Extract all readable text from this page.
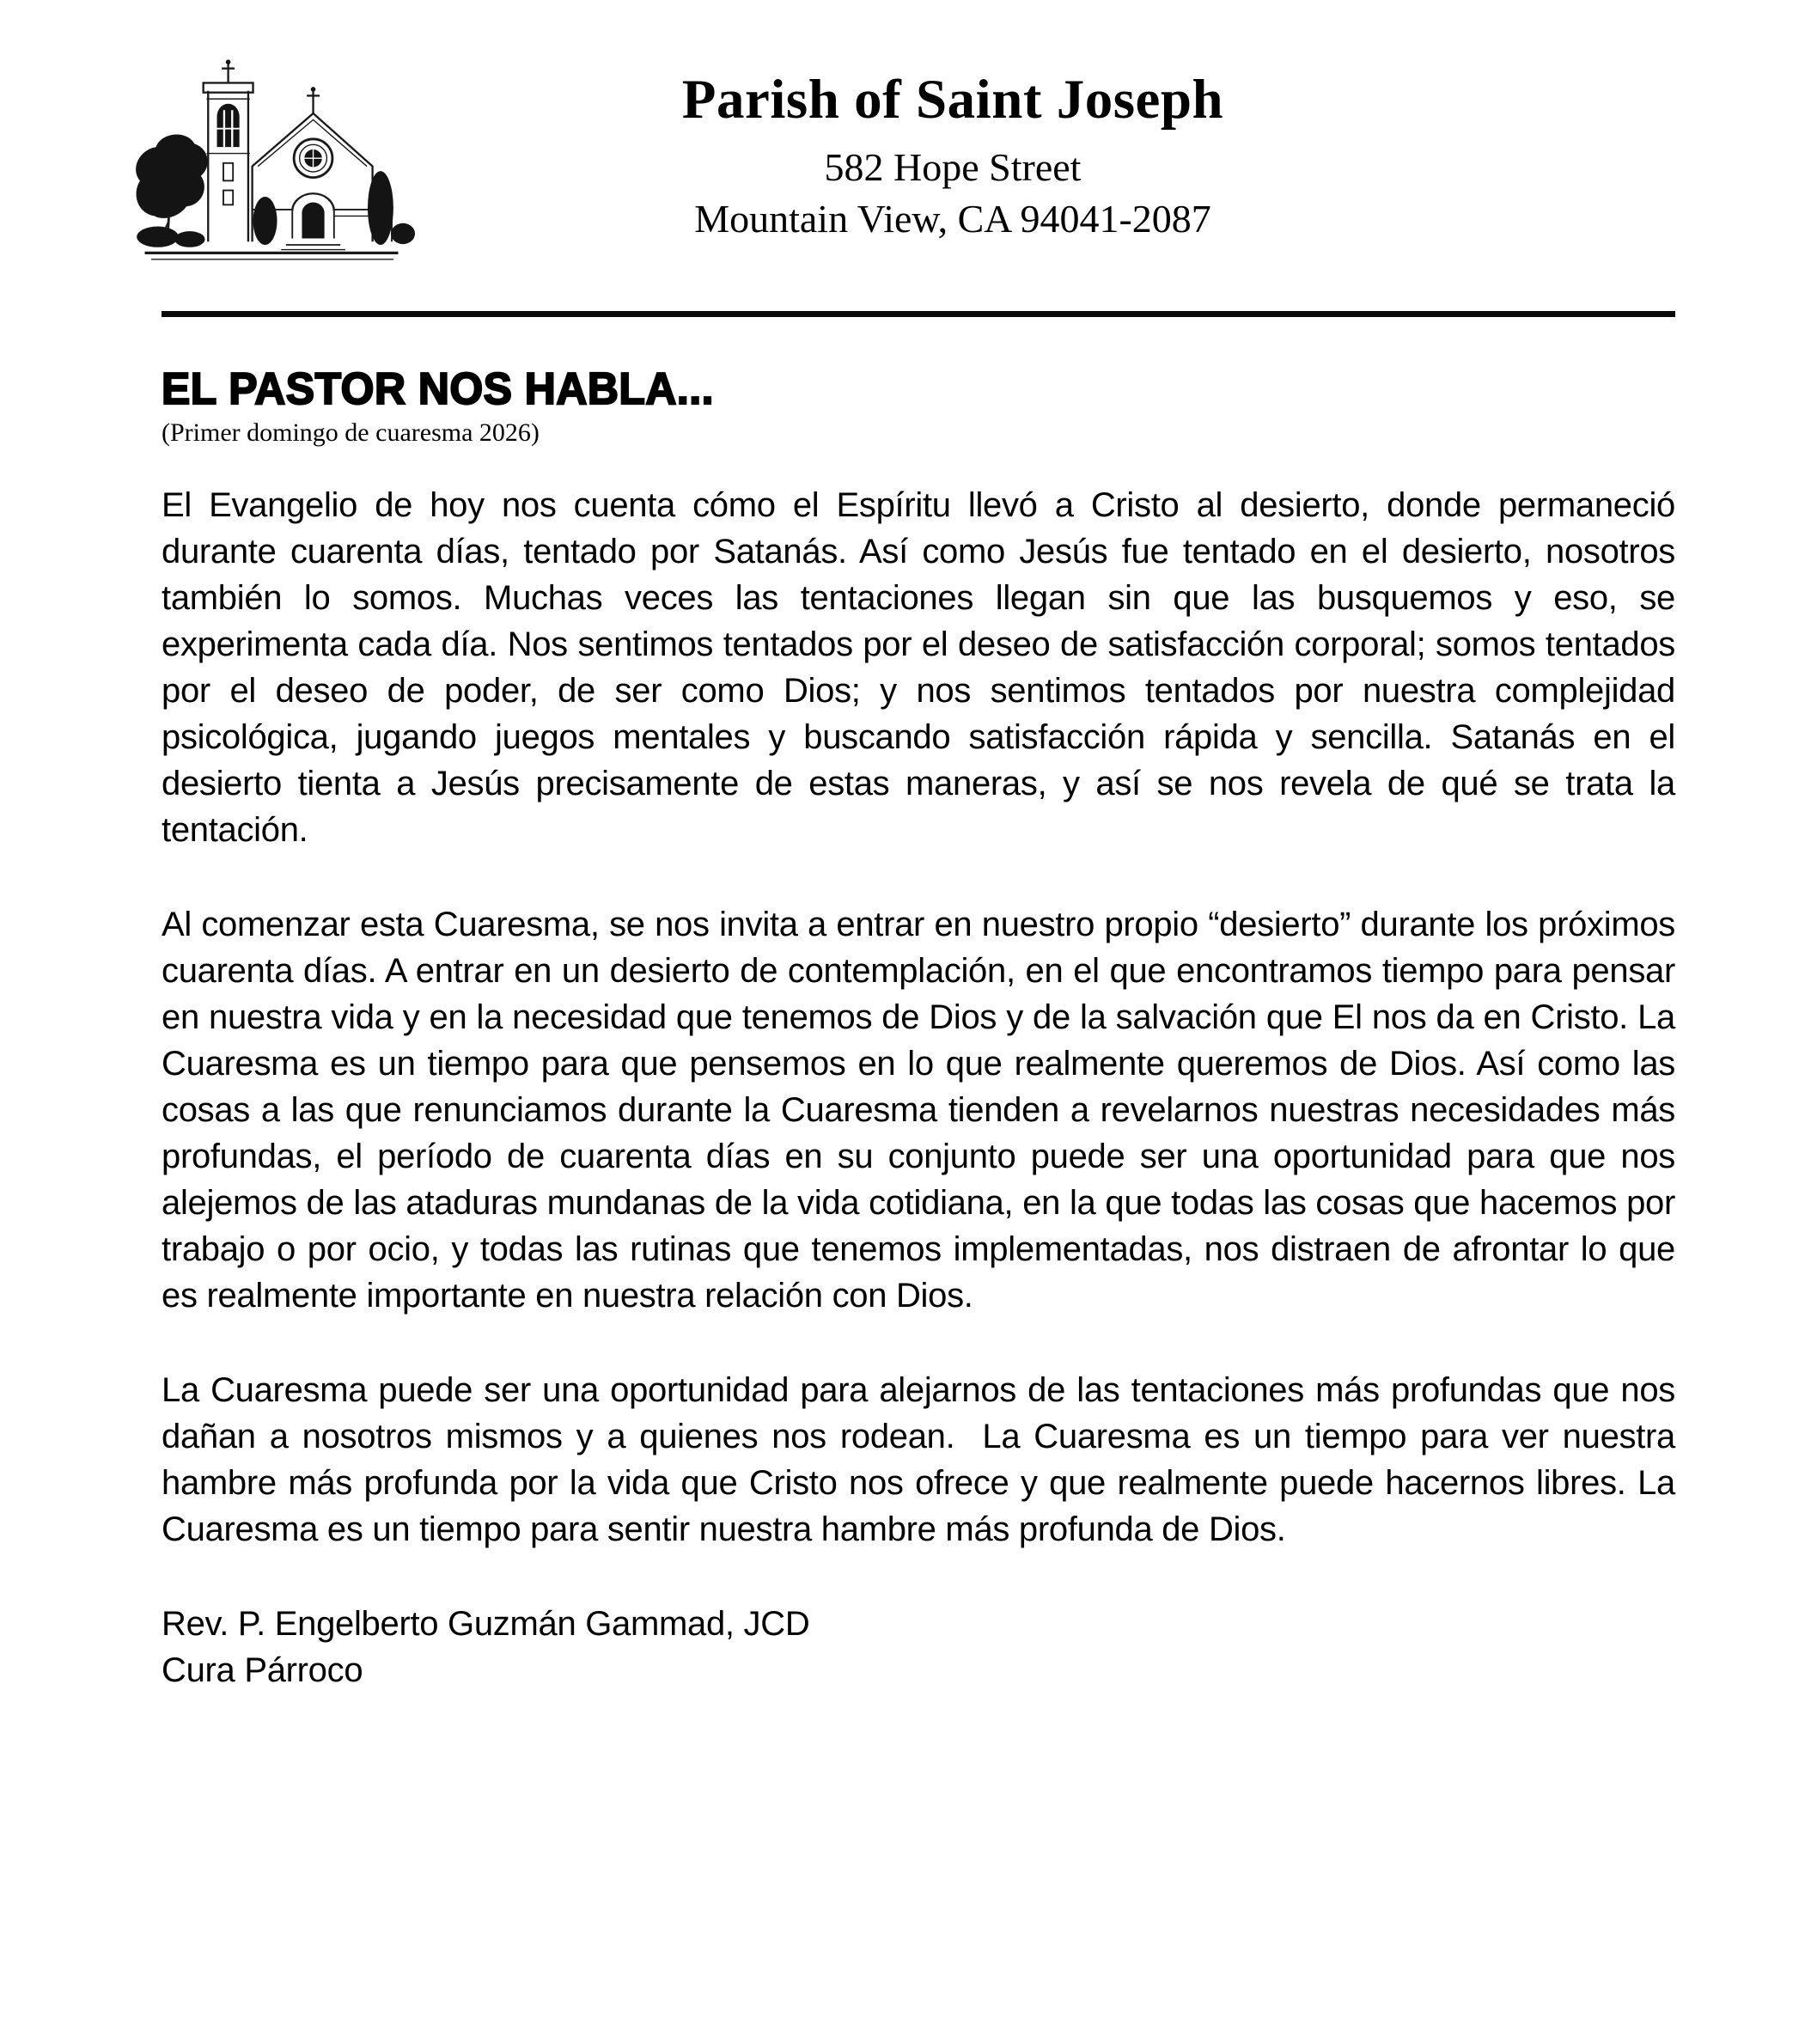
Parish of Saint Joseph
582 Hope Street
Mountain View, CA 94041-2087
EL PASTOR NOS HABLA...
(Primer domingo de cuaresma 2026)

El Evangelio de hoy nos cuenta cómo el Espíritu llevó a Cristo al desierto, donde permaneció durante cuarenta días, tentado por Satanás. Así como Jesús fue tentado en el desierto, nosotros también lo somos. Muchas veces las tentaciones llegan sin que las busquemos y eso, se experimenta cada día. Nos sentimos tentados por el deseo de satisfacción corporal; somos tentados por el deseo de poder, de ser como Dios; y nos sentimos tentados por nuestra complejidad psicológica, jugando juegos mentales y buscando satisfacción rápida y sencilla. Satanás en el desierto tienta a Jesús precisamente de estas maneras, y así se nos revela de qué se trata la tentación.

Al comenzar esta Cuaresma, se nos invita a entrar en nuestro propio “desierto” durante los próximos cuarenta días. A entrar en un desierto de contemplación, en el que encontramos tiempo para pensar en nuestra vida y en la necesidad que tenemos de Dios y de la salvación que El nos da en Cristo. La Cuaresma es un tiempo para que pensemos en lo que realmente queremos de Dios. Así como las cosas a las que renunciamos durante la Cuaresma tienden a revelarnos nuestras necesidades más profundas, el período de cuarenta días en su conjunto puede ser una oportunidad para que nos alejemos de las ataduras mundanas de la vida cotidiana, en la que todas las cosas que hacemos por trabajo o por ocio, y todas las rutinas que tenemos implementadas, nos distraen de afrontar lo que es realmente importante en nuestra relación con Dios.

La Cuaresma puede ser una oportunidad para alejarnos de las tentaciones más profundas que nos dañan a nosotros mismos y a quienes nos rodean.  La Cuaresma es un tiempo para ver nuestra hambre más profunda por la vida que Cristo nos ofrece y que realmente puede hacernos libres. La Cuaresma es un tiempo para sentir nuestra hambre más profunda de Dios.

Rev. P. Engelberto Guzmán Gammad, JCD
Cura Párroco
